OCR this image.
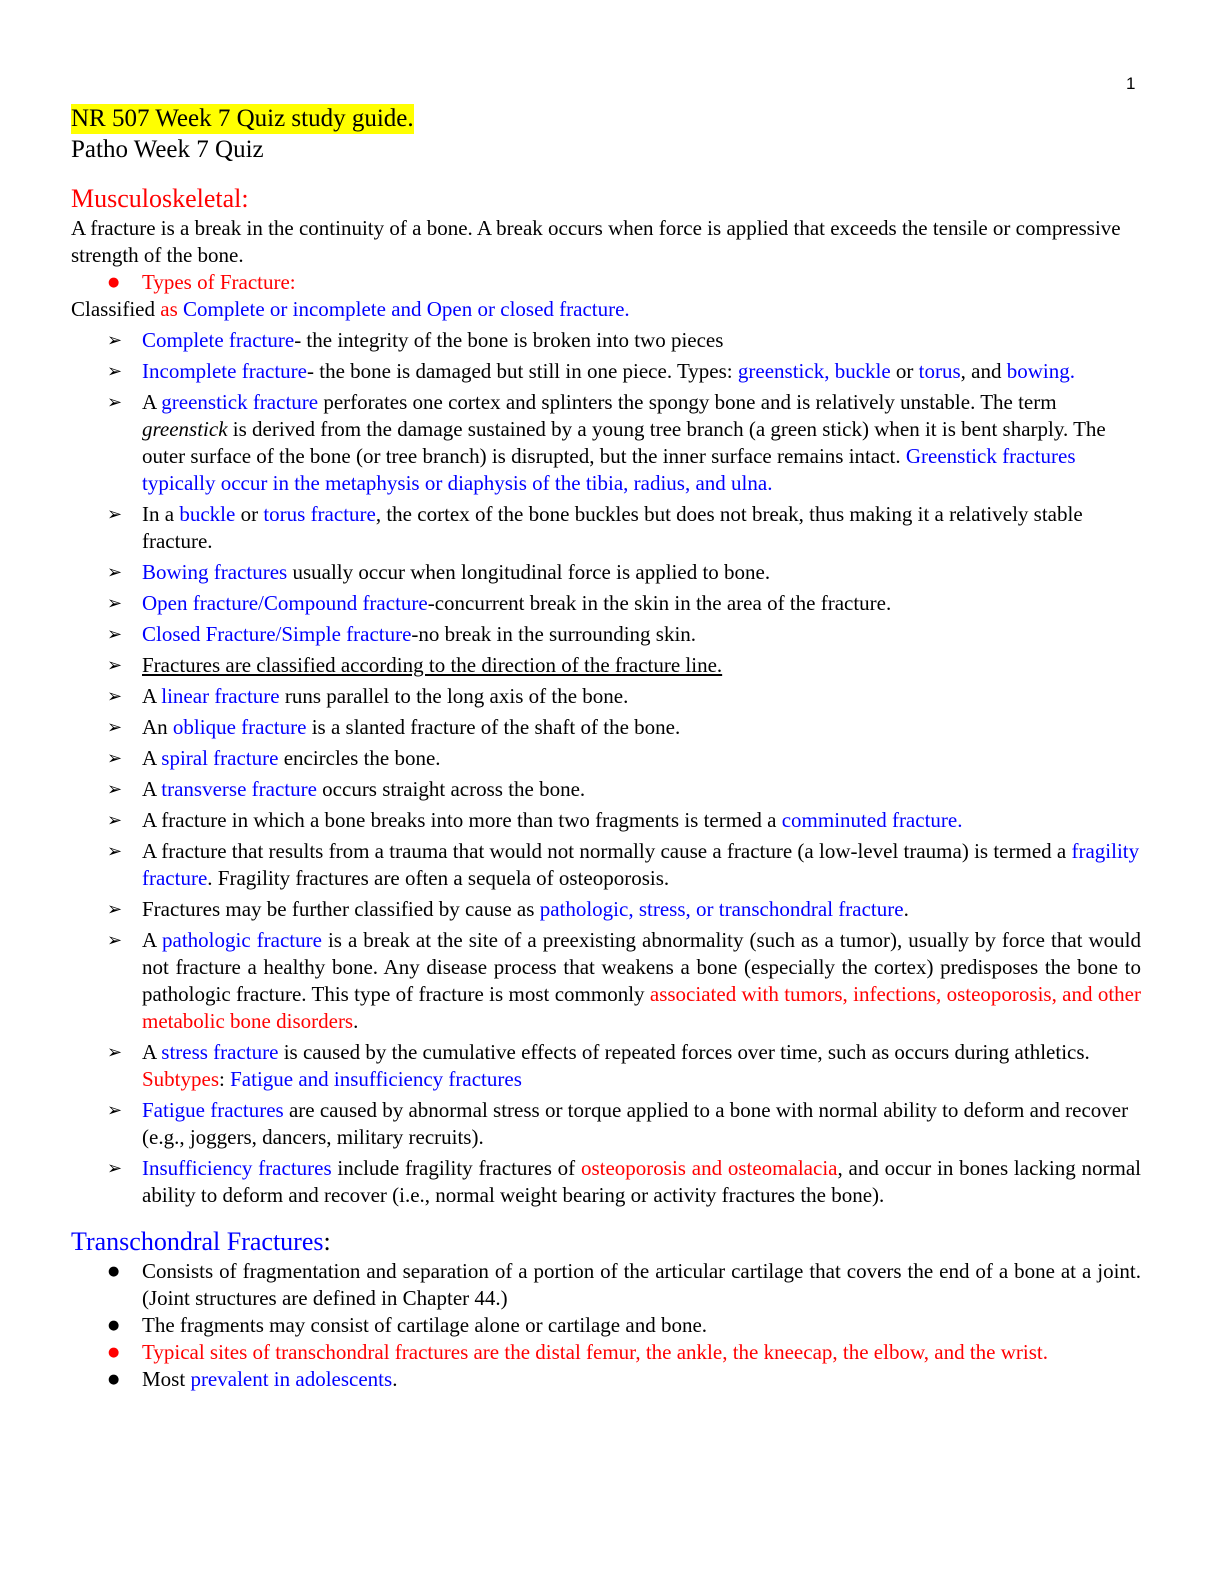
1
NR 507 Week 7 Quiz study guide.
Patho Week 7 Quiz
Musculoskeletal:

A fracture is a break in the continuity of a bone. A break occurs when force is applied that exceeds the tensile or compressive strength of the bone.

● Types of Fracture:

Classified as Complete or incomplete and Open or closed fracture.

➢ Complete fracture- the integrity of the bone is broken into two pieces
➢ Incomplete fracture- the bone is damaged but still in one piece. Types: greenstick, buckle or torus, and bowing.
➢ A greenstick fracture perforates one cortex and splinters the spongy bone and is relatively unstable. The term greenstick is derived from the damage sustained by a young tree branch (a green stick) when it is bent sharply. The outer surface of the bone (or tree branch) is disrupted, but the inner surface remains intact. Greenstick fractures typically occur in the metaphysis or diaphysis of the tibia, radius, and ulna.
➢ In a buckle or torus fracture, the cortex of the bone buckles but does not break, thus making it a relatively stable fracture.
➢ Bowing fractures usually occur when longitudinal force is applied to bone.
➢ Open fracture/Compound fracture-concurrent break in the skin in the area of the fracture.
➢ Closed Fracture/Simple fracture-no break in the surrounding skin.
➢ Fractures are classified according to the direction of the fracture line.
➢ A linear fracture runs parallel to the long axis of the bone.
➢ An oblique fracture is a slanted fracture of the shaft of the bone.
➢ A spiral fracture encircles the bone.
➢ A transverse fracture occurs straight across the bone.
➢ A fracture in which a bone breaks into more than two fragments is termed a comminuted fracture.
➢ A fracture that results from a trauma that would not normally cause a fracture (a low-level trauma) is termed a fragility fracture. Fragility fractures are often a sequela of osteoporosis.
➢ Fractures may be further classified by cause as pathologic, stress, or transchondral fracture.
➢ A pathologic fracture is a break at the site of a preexisting abnormality (such as a tumor), usually by force that would not fracture a healthy bone. Any disease process that weakens a bone (especially the cortex) predisposes the bone to pathologic fracture. This type of fracture is most commonly associated with tumors, infections, osteoporosis, and other metabolic bone disorders.
➢ A stress fracture is caused by the cumulative effects of repeated forces over time, such as occurs during athletics. Subtypes: Fatigue and insufficiency fractures
➢ Fatigue fractures are caused by abnormal stress or torque applied to a bone with normal ability to deform and recover (e.g., joggers, dancers, military recruits).
➢ Insufficiency fractures include fragility fractures of osteoporosis and osteomalacia, and occur in bones lacking normal ability to deform and recover (i.e., normal weight bearing or activity fractures the bone).
Transchondral Fractures:
● Consists of fragmentation and separation of a portion of the articular cartilage that covers the end of a bone at a joint. (Joint structures are defined in Chapter 44.)
● The fragments may consist of cartilage alone or cartilage and bone.
● Typical sites of transchondral fractures are the distal femur, the ankle, the kneecap, the elbow, and the wrist.
● Most prevalent in adolescents.
